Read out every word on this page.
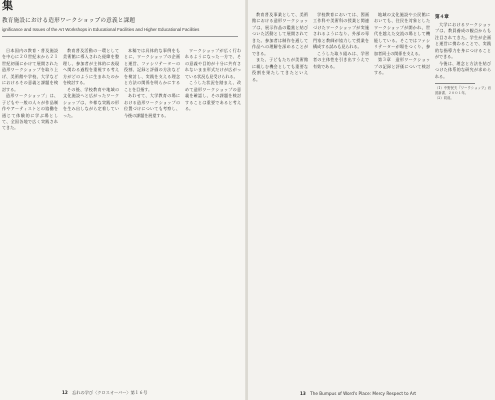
集
教育施設における造形ワークショップの意義と課題
ignificance and Issues of the Art Workshops in Educational Facilities and Higher Educational Facilities

日本国内の教育・普及施設を中心に２０世紀末から２１世紀初頭にかけて展開された造形ワークショップを取り上げ、美術館や学校、大学などにおけるその意義と課題を検討する。

造形ワークショップ」は、子どもや一般の人々が作品制作やアーティストとの協働を通じて体験的に学ぶ場として、全国各地で広く実践されてきた。

教育普及活動の一環として美術館に導入された経緯を整理し、参加者が主体的に表現へ関わる過程を重視する考え方がどのように生まれたのかを検討する。

その後、学校教育や地域の文化施設へと広がったワークショップは、多様な実践の形を生み出しながら定着していった。

本稿では具体的な事例をもとに、ワークショップの企画と運営、ファシリテーターの役割、記録と評価の方法などを検討し、実践を支える理念と方法の関係を明らかにすることを目指す。

あわせて、大学教育の場における造形ワークショップの位置づけについても考察し、今後の課題を展望する。

ワークショップが広く行われるようになった一方で、その意義や目的が十分に共有されないまま形式だけが広がっている状況も見受けられる。

こうした状況を踏まえ、改めて造形ワークショップの意義を確認し、その課題を検討することは重要であると考える。

12 忘れの学び〈クロスオーバー〉第１６号

教育普及事業として、美術館における造形ワークショップは、展示作品の鑑賞と結びついた活動として展開されてきた。参加者は制作を通して作品への理解を深めることができる。

また、子どもたちが美術館に親しむ機会としても重要な役割を果たしてきたといえる。

学校教育においては、図画工作科や美術科の授業と関連づけたワークショップが実施されるようになり、外部の専門家と教師が協力して授業を構成する試みも見られる。

こうした取り組みは、学習者の主体性を引き出すうえで有効である。

地域の文化施設や公民館においても、住民を対象としたワークショップが開かれ、世代を越えた交流の場として機能している。そこではファシリテーターが場をつくり、参加者同士の関係を支える。

第３章　造形ワークショップの記録と評価について検討する。

第４章

大学におけるワークショップは、教員養成の観点からも注目されてきた。学生が企画と運営に携わることで、実践的な指導力を身につけることができる。

今後は、理念と方法を結びつけた体系的な研究が求められる。

（1）中野民夫『ワークショップ』岩波新書、２００１年。
（2）同前。
13 The Bumpus of Word's Place: Mercy Respect to Art
